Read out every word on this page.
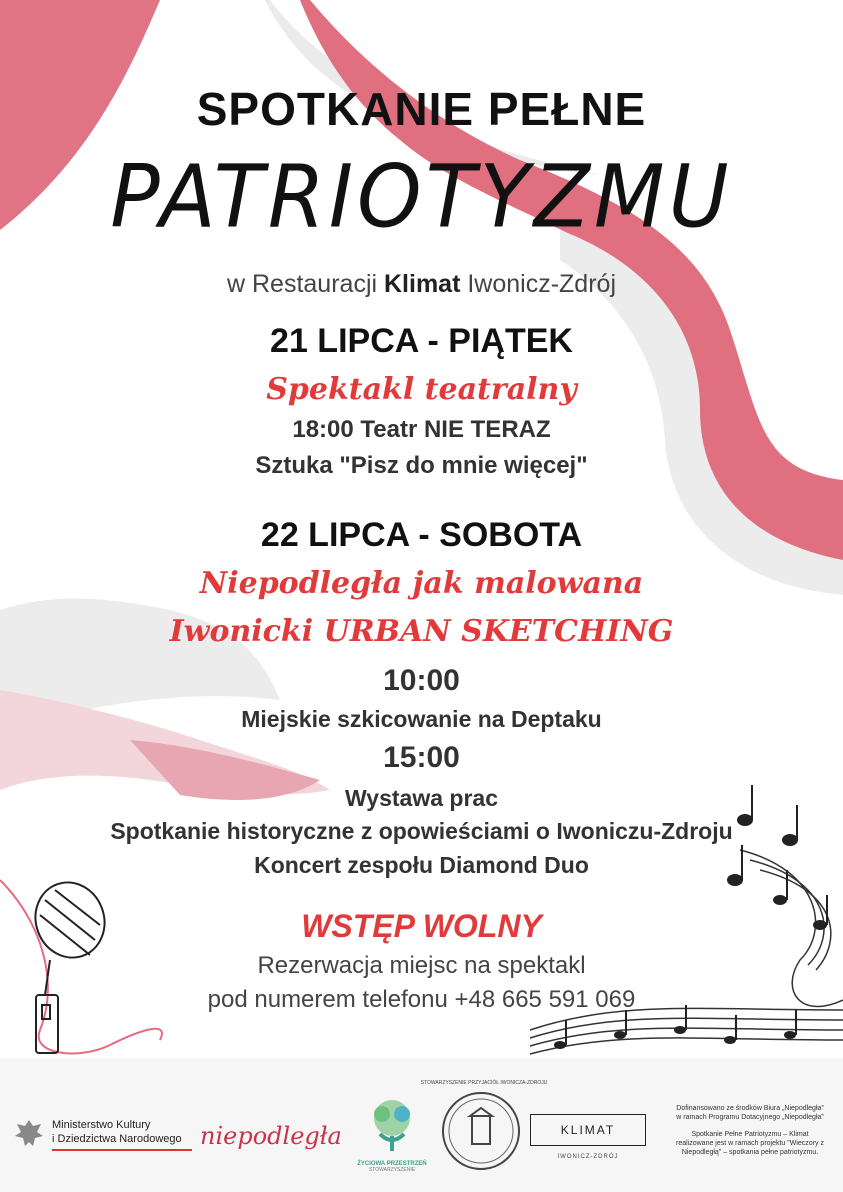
SPOTKANIE PEŁNE
PATRIOTYZMU
w Restauracji Klimat Iwonicz-Zdrój
21 LIPCA - PIĄTEK
Spektakl teatralny
18:00 Teatr NIE TERAZ
Sztuka "Pisz do mnie więcej"
22 LIPCA - SOBOTA
Niepodległa jak malowana
Iwonicki URBAN SKETCHING
10:00
Miejskie szkicowanie na Deptaku
15:00
Wystawa prac
Spotkanie historyczne z opowieściami o Iwoniczu-Zdroju
Koncert zespołu Diamond Duo
WSTĘP WOLNY
Rezerwacja miejsc na spektakl
pod numerem telefonu +48 665 591 069
Ministerstwo Kultury
i Dziedzictwa Narodowego niepodległa
ŻYCIOWA PRZESTRZEŃ
STOWARZYSZENIE
STOWARZYSZENIE PRZYJACIÓŁ IWONICZA-ZDROJU
KLIMAT
IWONICZ-ZDRÓJ
Dofinansowano ze środków Biura „Niepodległa” w ramach Programu Dotacyjnego „Niepodległa”
Spotkanie Pełne Patriotyzmu – Klimat realizowane jest w ramach projektu "Wieczory z Niepodległą" – spotkania pełne patriotyzmu.
